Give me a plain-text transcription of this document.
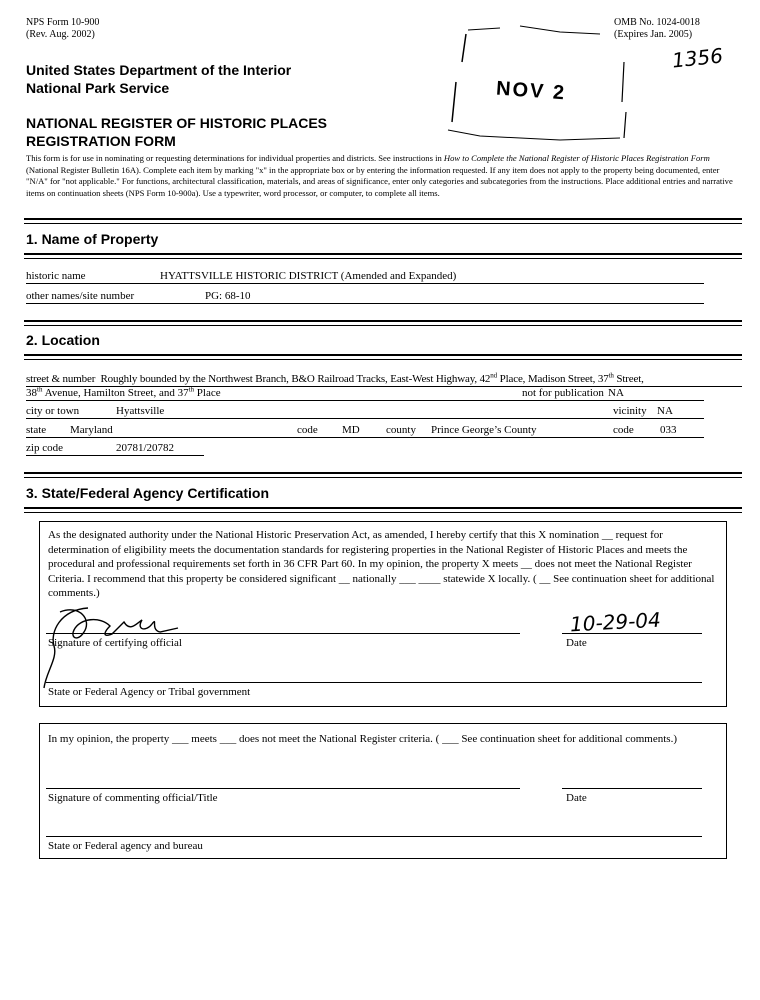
NPS Form 10-900
(Rev. Aug. 2002)
OMB No. 1024-0018
(Expires Jan. 2005)
1356
NOV 2
United States Department of the Interior
National Park Service
NATIONAL REGISTER OF HISTORIC PLACES
REGISTRATION FORM
This form is for use in nominating or requesting determinations for individual properties and districts. See instructions in How to Complete the National Register of Historic Places Registration Form (National Register Bulletin 16A). Complete each item by marking "x" in the appropriate box or by entering the information requested. If any item does not apply to the property being documented, enter "N/A" for "not applicable." For functions, architectural classification, materials, and areas of significance, enter only categories and subcategories from the instructions. Place additional entries and narrative items on continuation sheets (NPS Form 10-900a). Use a typewriter, word processor, or computer, to complete all items.
1. Name of Property
historic name	HYATTSVILLE HISTORIC DISTRICT (Amended and Expanded)
other names/site number	PG: 68-10
2. Location
street & number Roughly bounded by the Northwest Branch, B&O Railroad Tracks, East-West Highway, 42nd Place, Madison Street, 37th Street,
38th Avenue, Hamilton Street, and 37th Place	not for publication NA
city or town	Hyattsville	vicinity NA
state Maryland	code MD county Prince George’s County	code 033
zip code	20781/20782
3. State/Federal Agency Certification
As the designated authority under the National Historic Preservation Act, as amended, I hereby certify that this X nomination __ request for determination of eligibility meets the documentation standards for registering properties in the National Register of Historic Places and meets the procedural and professional requirements set forth in 36 CFR Part 60. In my opinion, the property X meets __ does not meet the National Register Criteria. I recommend that this property be considered significant __ nationally ___ ____ statewide X locally. ( __ See continuation sheet for additional comments.)
Signature of certifying official	Date
10-29-04
State or Federal Agency or Tribal government
In my opinion, the property ___ meets ___ does not meet the National Register criteria. ( ___ See continuation sheet for additional comments.)
Signature of commenting official/Title	Date
State or Federal agency and bureau
